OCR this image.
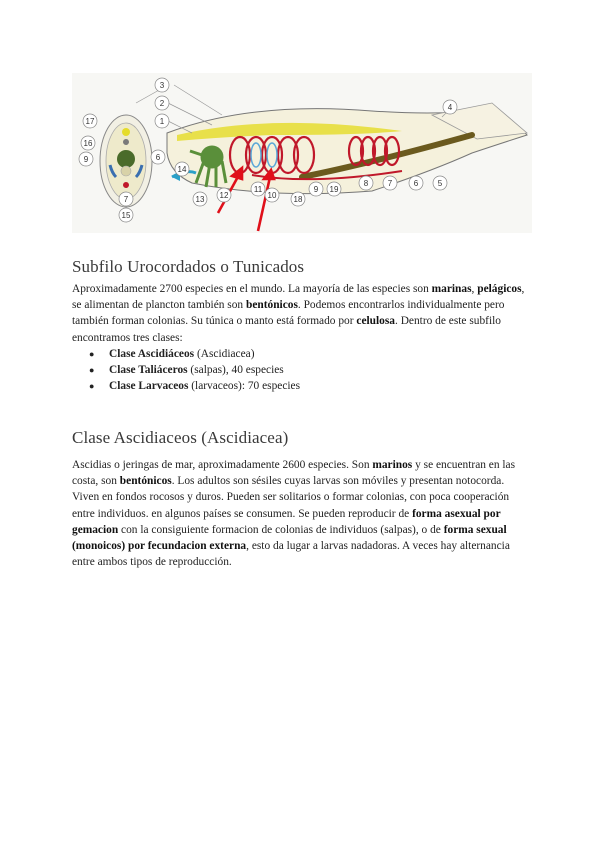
3
2
1
4
17
16
9	6
7
15
14
13 12
11
10 18
9 19
8 7	6 5
Subfilo Urocordados o Tunicados

Aproximadamente 2700 especies en el mundo. La mayoría de las especies son marinas, pelágicos, se alimentan de plancton también son bentónicos. Podemos encontrarlos individualmente pero también forman colonias. Su túnica o manto está formado por celulosa. Dentro de este subfilo encontramos tres clases:

● Clase Ascidiáceos (Ascidiacea)
● Clase Taliáceros (salpas), 40 especies
● Clase Larvaceos (larvaceos): 70 especies
Clase Ascidiaceos (Ascidiacea)

Ascidias o jeringas de mar, aproximadamente 2600 especies. Son marinos y se encuentran en las costa, son bentónicos. Los adultos son sésiles cuyas larvas son móviles y presentan notocorda. Viven en fondos rocosos y duros. Pueden ser solitarios o formar colonias, con poca cooperación entre individuos. en algunos países se consumen. Se pueden reproducir de forma asexual por gemacion con la consiguiente formacion de colonias de individuos (salpas), o de forma sexual (monoicos) por fecundacion externa, esto da lugar a larvas nadadoras. A veces hay alternancia entre ambos tipos de reproducción.
